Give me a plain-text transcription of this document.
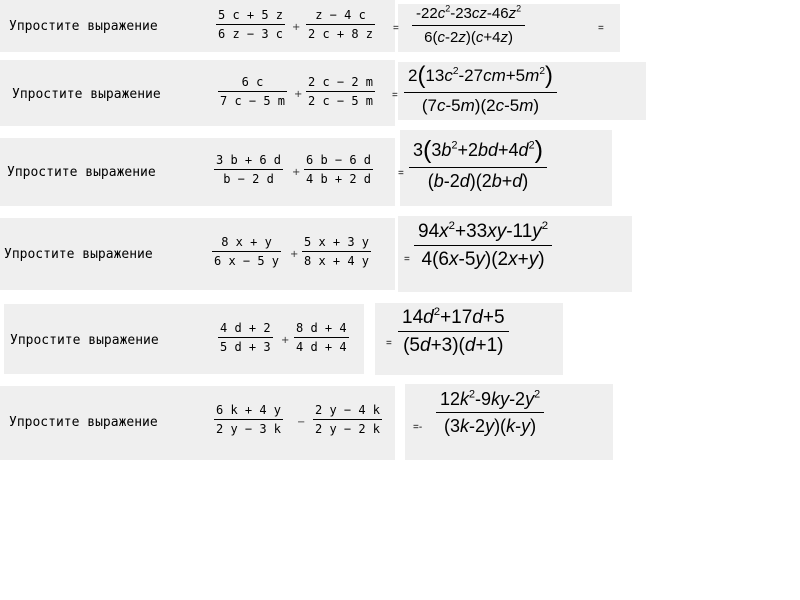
Упростите выражение
5 c + 5 z
6 z − 3 c +
z − 4 c
2 c + 8 z =
$-22c^2-23cz-46z^2$
6(c-2z)(c+4z)
=
Упростите выражение
6 c
7 c − 5 m +
2 c − 2 m
2 c − 5 m =
$2(13c^2-27cm+5m^2)$
(7c-5m)(2c-5m)
Упростите выражение
3 b + 6 d
b − 2 d +
6 b − 6 d
4 b + 2 d	=
$3(3b^2+2bd+4d^2)$
(b-2d)(2b+d)
Упростите выражение
8 x + y
6 x − 5 y +
5 x + 3 y
8 x + 4 y	=
$94x^2+33xy-11y^2$
4(6x-5y)(2x+y)
Упростите выражение
4 d + 2
5 d + 3 +
8 d + 4
4 d + 4	=
$14d^2+17d+5$
(5d+3)(d+1)
Упростите выражение
6 k + 4 y
2 y − 3 k −
2 y − 4 k
2 y − 2 k	=-
$12k^2-9ky-2y^2$
(3k-2y)(k-y)
